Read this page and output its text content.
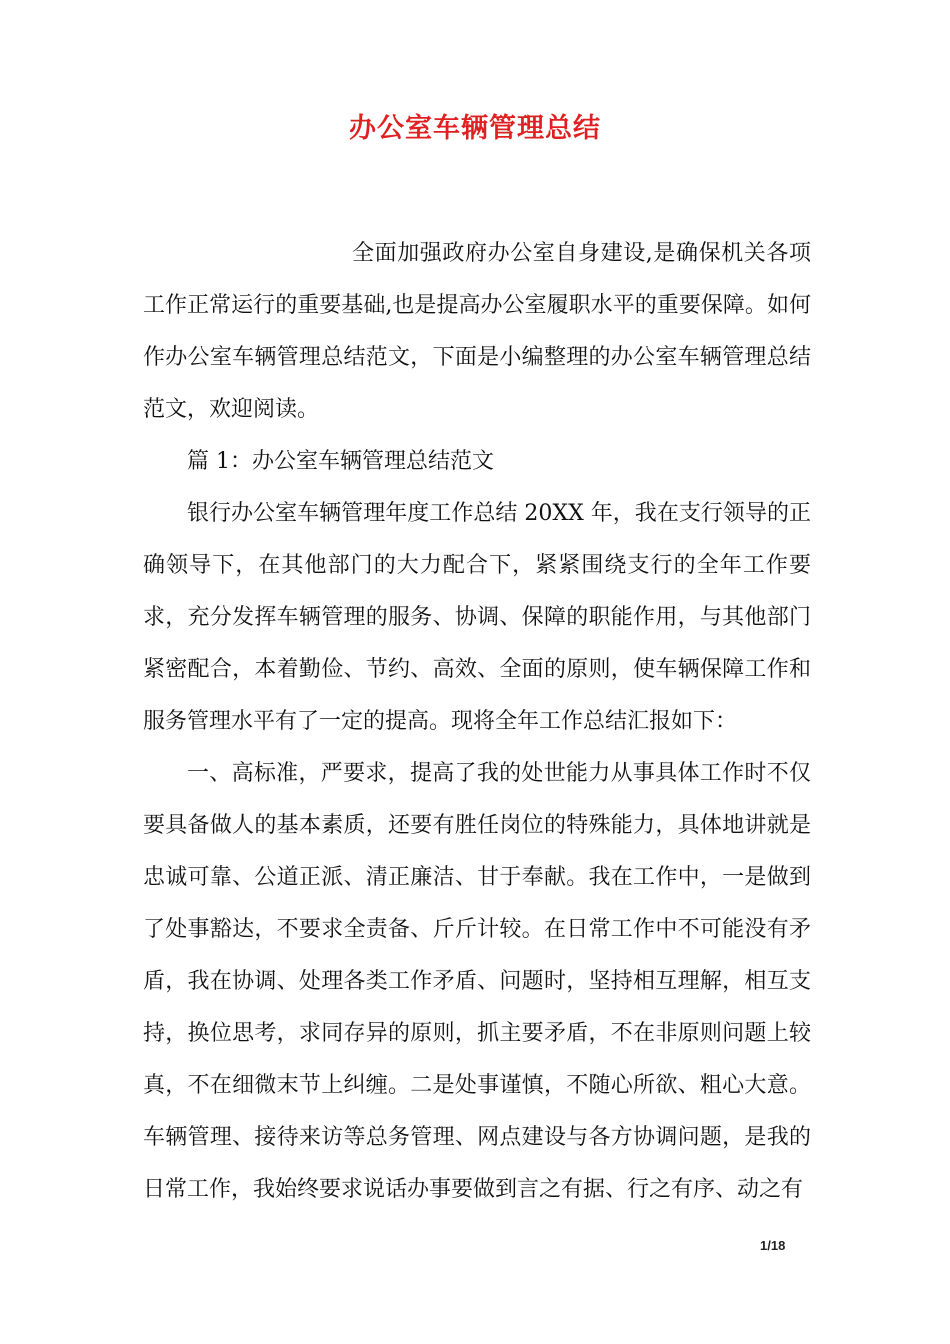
办公室车辆管理总结

全面加强政府办公室自身建设,是确保机关各项工作正常运行的重要基础,也是提高办公室履职水平的重要保障。如何作办公室车辆管理总结范文，下面是小编整理的办公室车辆管理总结范文，欢迎阅读。

篇 1：办公室车辆管理总结范文

银行办公室车辆管理年度工作总结 20XX 年，我在支行领导的正确领导下，在其他部门的大力配合下，紧紧围绕支行的全年工作要求，充分发挥车辆管理的服务、协调、保障的职能作用，与其他部门紧密配合，本着勤俭、节约、高效、全面的原则，使车辆保障工作和服务管理水平有了一定的提高。现将全年工作总结汇报如下：

一、高标准，严要求，提高了我的处世能力从事具体工作时不仅要具备做人的基本素质，还要有胜任岗位的特殊能力，具体地讲就是忠诚可靠、公道正派、清正廉洁、甘于奉献。我在工作中，一是做到了处事豁达，不要求全责备、斤斤计较。在日常工作中不可能没有矛盾，我在协调、处理各类工作矛盾、问题时，坚持相互理解，相互支持，换位思考，求同存异的原则，抓主要矛盾，不在非原则问题上较真，不在细微末节上纠缠。二是处事谨慎，不随心所欲、粗心大意。车辆管理、接待来访等总务管理、网点建设与各方协调问题，是我的日常工作，我始终要求说话办事要做到言之有据、行之有序、动之有

1/18
